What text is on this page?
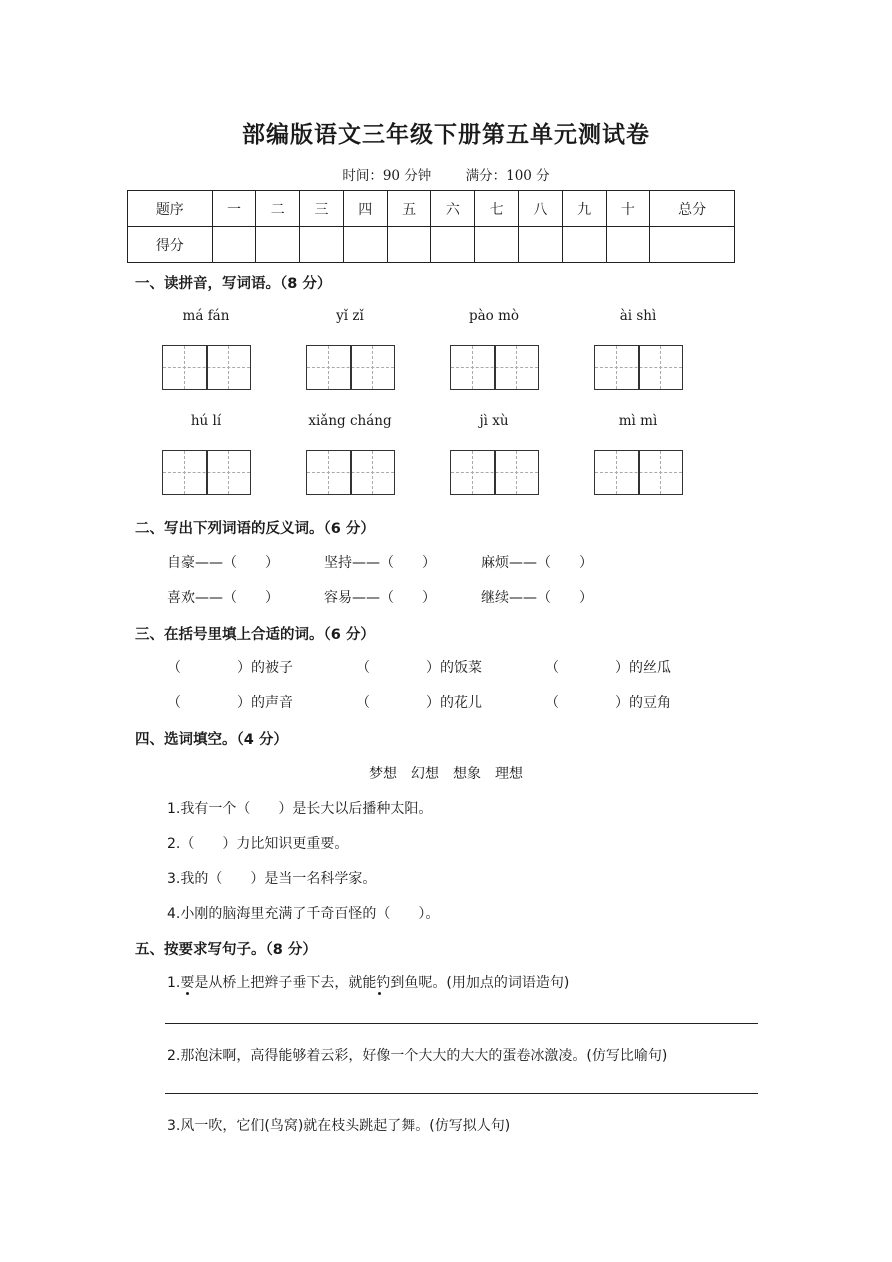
部编版语文三年级下册第五单元测试卷
时间：90 分钟	满分：100 分
题序	一	二	三	四	五	六	七	八	九	十	总分
得分											
一、读拼音，写词语。（8 分）
má fán	yǐ zǐ	pào mò	ài shì
hú lí	xiǎng cháng	jì xù	mì mì
二、写出下列词语的反义词。（6 分）
自豪——（　　）	坚持——（　　）	麻烦——（　　）
喜欢——（　　）	容易——（　　）	继续——（　　）
三、在括号里填上合适的词。（6 分）
（　　　　）的被子	（　　　　）的饭菜	（　　　　）的丝瓜
（　　　　）的声音	（　　　　）的花儿	（　　　　）的豆角
四、选词填空。（4 分）
梦想　幻想　想象　理想
1.我有一个（　　）是长大以后播种太阳。
2.（　　）力比知识更重要。
3.我的（　　）是当一名科学家。
4.小刚的脑海里充满了千奇百怪的（　　）。
五、按要求写句子。（8 分）
1.要是从桥上把辫子垂下去，就能钓到鱼呢。(用加点的词语造句)
2.那泡沫啊，高得能够着云彩，好像一个大大的大大的蛋卷冰激凌。(仿写比喻句)
3.风一吹，它们(鸟窝)就在枝头跳起了舞。(仿写拟人句)
